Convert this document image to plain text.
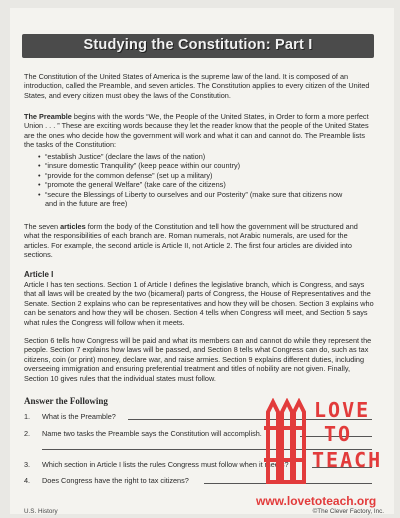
Studying the Constitution: Part I
The Constitution of the United States of America is the supreme law of the land. It is composed of an introduction, called the Preamble, and seven articles. The Constitution applies to every citizen of the United States, and every citizen must obey the laws of the Constitution.
The Preamble begins with the words “We, the People of the United States, in Order to form a more perfect Union . . . ” These are exciting words because they let the reader know that the people of the United States are the ones who decide how the government will work and what it can and cannot do. The Preamble lists the tasks of the Constitution:
• “establish Justice” (declare the laws of the nation)
• “insure domestic Tranquility” (keep peace within our country)
• “provide for the common defense” (set up a military)
• “promote the general Welfare” (take care of the citizens)
• “secure the Blessings of Liberty to ourselves and our Posterity” (make sure that citizens now
and in the future are free)
The seven articles form the body of the Constitution and tell how the government will be structured and what the responsibilities of each branch are. Roman numerals, not Arabic numerals, are used for the articles. For example, the second article is Article II, not Article 2. The first four articles are divided into sections.
Article I
Article I has ten sections. Section 1 of Article I defines the legislative branch, which is Congress, and says that all laws will be created by the two (bicameral) parts of Congress, the House of Representatives and the Senate. Section 2 explains who can be representatives and how they will be chosen. Section 3 explains who can be senators and how they will be chosen. Section 4 tells when Congress will meet, and Section 5 says what rules the Congress will follow when it meets.
Section 6 tells how Congress will be paid and what its members can and cannot do while they represent the people. Section 7 explains how laws will be passed, and Section 8 tells what Congress can do, such as tax citizens, coin (or print) money, declare war, and raise armies. Section 9 explains different duties, including overseeing immigration and ensuring preferential treatment and titles of nobility are not given. Finally, Section 10 gives rules that the individual states must follow.
Answer the Following
1. What is the Preamble?
2. Name two tasks the Preamble says the Constitution will accomplish.
3. Which section in Article I lists the rules Congress must follow when it meets?
4. Does Congress have the right to tax citizens?
U.S. History	©The Clever Factory, Inc.
LOVE
TO
TEACH
www.lovetoteach.org
